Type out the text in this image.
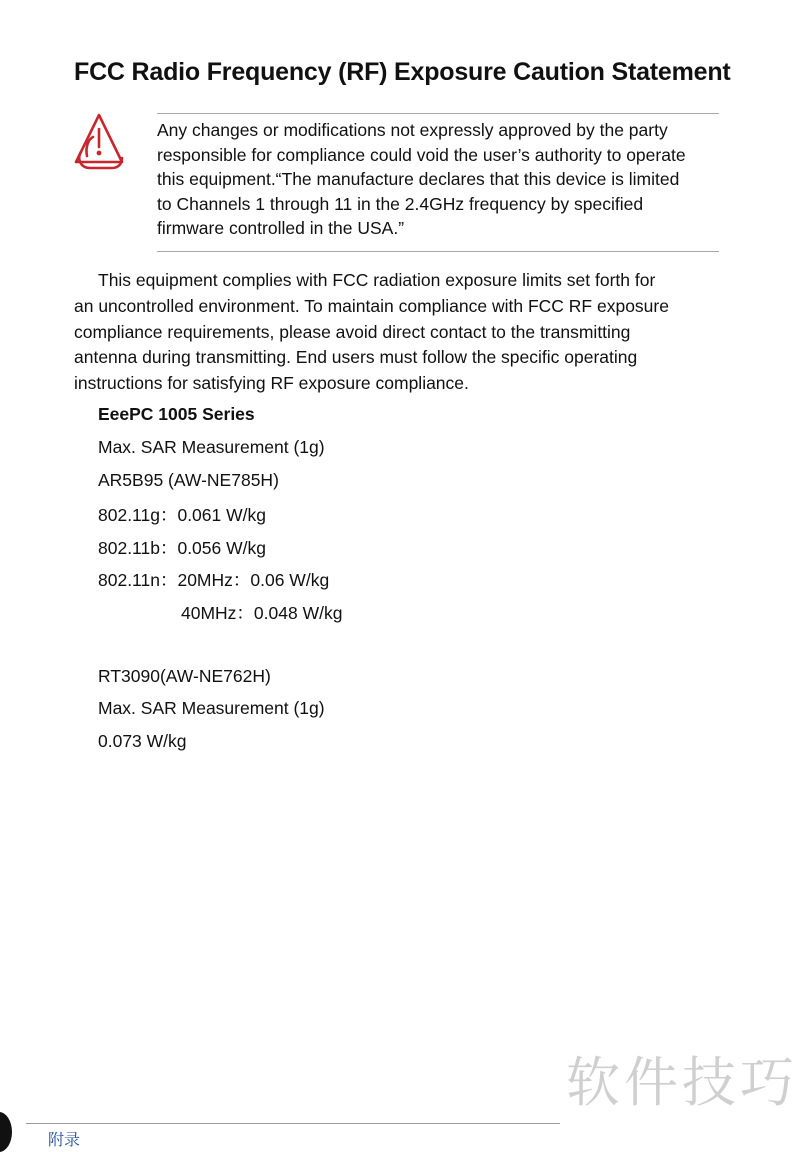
FCC Radio Frequency (RF) Exposure Caution Statement

Any changes or modifications not expressly approved by the party

responsible for compliance could void the user’s authority to operate

this equipment.“The manufacture declares that this device is limited

to Channels 1 through 11 in the 2.4GHz frequency by specified

firmware controlled in the USA.”

This equipment complies with FCC radiation exposure limits set forth for

an uncontrolled environment. To maintain compliance with FCC RF exposure

compliance requirements, please avoid direct contact to the transmitting

antenna during transmitting. End users must follow the specific operating

instructions for satisfying RF exposure compliance.

EeePC 1005 Series
Max. SAR Measurement (1g)
AR5B95 (AW-NE785H)
802.11g：0.061 W/kg
802.11b：0.056 W/kg
802.11n：20MHz：0.06 W/kg
40MHz：0.048 W/kg
RT3090(AW-NE762H)
Max. SAR Measurement (1g)
0.073 W/kg
软件技巧
附录
